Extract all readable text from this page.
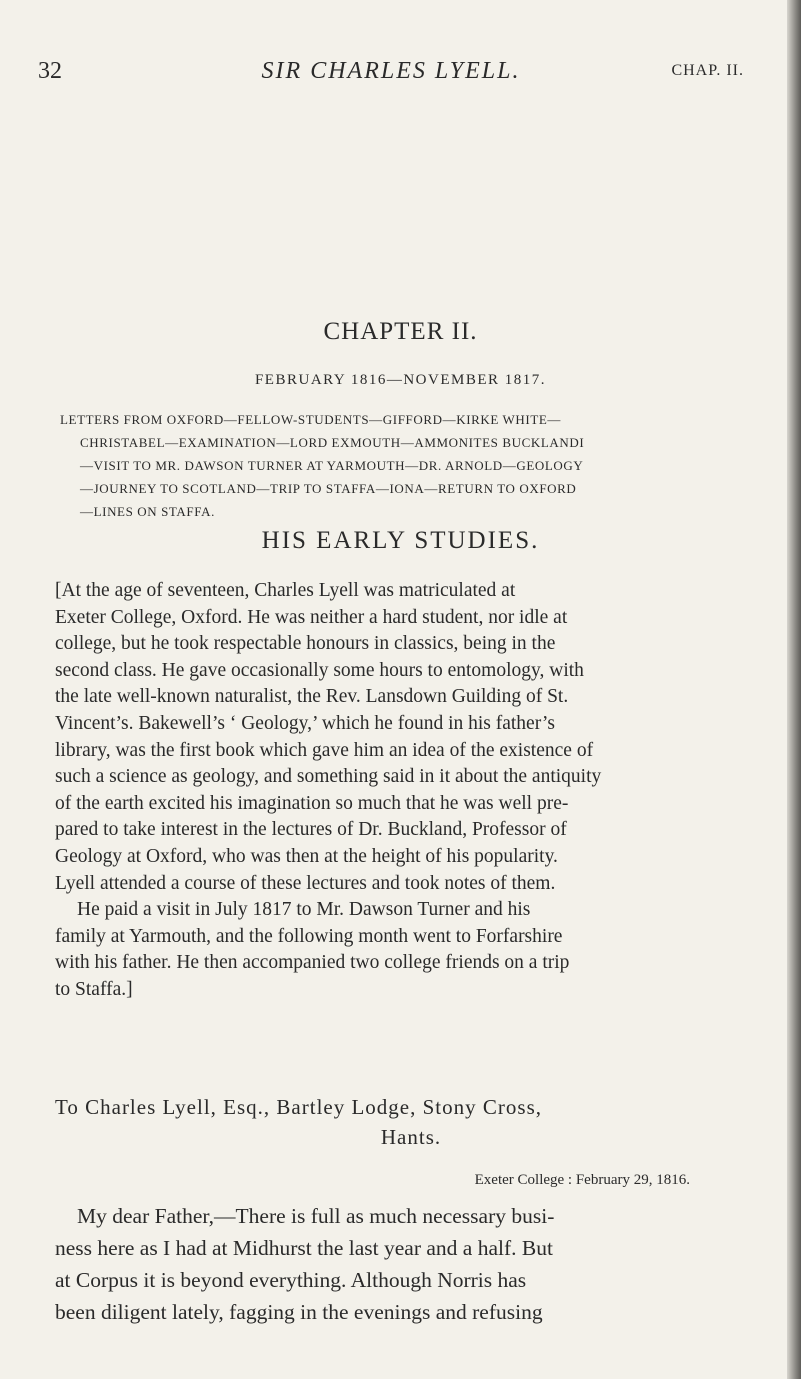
32	SIR CHARLES LYELL.	CHAP. II.
CHAPTER II.
FEBRUARY 1816—NOVEMBER 1817.
LETTERS FROM OXFORD—FELLOW-STUDENTS—GIFFORD—KIRKE WHITE—
CHRISTABEL—EXAMINATION—LORD EXMOUTH—AMMONITES BUCKLANDI
—VISIT TO MR. DAWSON TURNER AT YARMOUTH—DR. ARNOLD—GEOLOGY
—JOURNEY TO SCOTLAND—TRIP TO STAFFA—IONA—RETURN TO OXFORD
—LINES ON STAFFA.
HIS EARLY STUDIES.
[At the age of seventeen, Charles Lyell was matriculated at
Exeter College, Oxford. He was neither a hard student, nor idle at
college, but he took respectable honours in classics, being in the
second class. He gave occasionally some hours to entomology, with
the late well-known naturalist, the Rev. Lansdown Guilding of St.
Vincent’s. Bakewell’s ‘ Geology,’ which he found in his father’s
library, was the first book which gave him an idea of the existence of
such a science as geology, and something said in it about the antiquity
of the earth excited his imagination so much that he was well pre-
pared to take interest in the lectures of Dr. Buckland, Professor of
Geology at Oxford, who was then at the height of his popularity.
Lyell attended a course of these lectures and took notes of them.
He paid a visit in July 1817 to Mr. Dawson Turner and his
family at Yarmouth, and the following month went to Forfarshire
with his father. He then accompanied two college friends on a trip
to Staffa.]
To Charles Lyell, Esq., Bartley Lodge, Stony Cross,
Hants.
Exeter College : February 29, 1816.
My dear Father,—There is full as much necessary busi-
ness here as I had at Midhurst the last year and a half. But
at Corpus it is beyond everything. Although Norris has
been diligent lately, fagging in the evenings and refusing
